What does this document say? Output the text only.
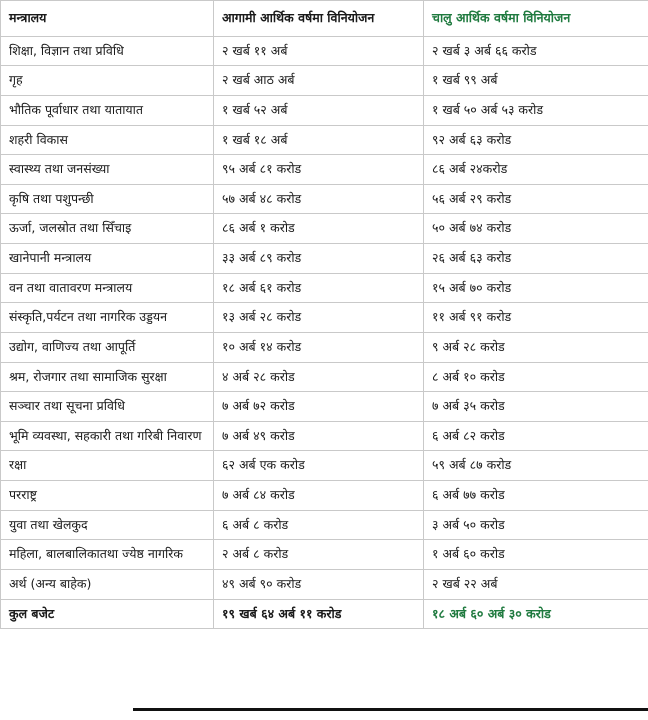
मन्त्रालय	आगामी आर्थिक वर्षमा विनियोजन	चालु आर्थिक वर्षमा विनियोजन
शिक्षा, विज्ञान तथा प्रविधि	२ खर्ब ११ अर्ब	२ खर्ब ३ अर्ब ६६ करोड
गृह	२ खर्ब आठ अर्ब	१ खर्ब ९९ अर्ब
भौतिक पूर्वाधार तथा यातायात	१ खर्ब ५२ अर्ब	१ खर्ब ५० अर्ब ५३ करोड
शहरी विकास	१ खर्ब १८ अर्ब	९२ अर्ब ६३ करोड
स्वास्थ्य तथा जनसंख्या	९५ अर्ब ८१ करोड	८६ अर्ब २४करोड
कृषि तथा पशुपन्छी	५७ अर्ब ४८ करोड	५६ अर्ब २९ करोड
ऊर्जा, जलस्रोत तथा सिँचाइ	८६ अर्ब १ करोड	५० अर्ब ७४ करोड
खानेपानी मन्त्रालय	३३ अर्ब ८९ करोड	२६ अर्ब ६३ करोड
वन तथा वातावरण मन्त्रालय	१८ अर्ब ६१ करोड	१५ अर्ब ७० करोड
संस्कृति,पर्यटन तथा नागरिक उड्डयन	१३ अर्ब २८ करोड	११ अर्ब ९१ करोड
उद्योग, वाणिज्य तथा आपूर्ति	१० अर्ब १४ करोड	९ अर्ब २८ करोड
श्रम, रोजगार तथा सामाजिक सुरक्षा	४ अर्ब २८ करोड	८ अर्ब १० करोड
सञ्चार तथा सूचना प्रविधि	७ अर्ब ७२ करोड	७ अर्ब ३५ करोड
भूमि व्यवस्था, सहकारी तथा गरिबी निवारण	७ अर्ब ४९ करोड	६ अर्ब ८२ करोड
रक्षा	६२ अर्ब एक करोड	५९ अर्ब ८७ करोड
परराष्ट्र	७ अर्ब ८४ करोड	६ अर्ब ७७ करोड
युवा तथा खेलकुद	६ अर्ब ८ करोड	३ अर्ब ५० करोड
महिला, बालबालिकातथा ज्येष्ठ नागरिक	२ अर्ब ८ करोड	१ अर्ब ६० करोड
अर्थ (अन्य बाहेक)	४९ अर्ब ९० करोड	२ खर्ब २२ अर्ब
कुल बजेट	१९ खर्ब ६४ अर्ब ११ करोड	१८ अर्ब ६० अर्ब ३० करोड
